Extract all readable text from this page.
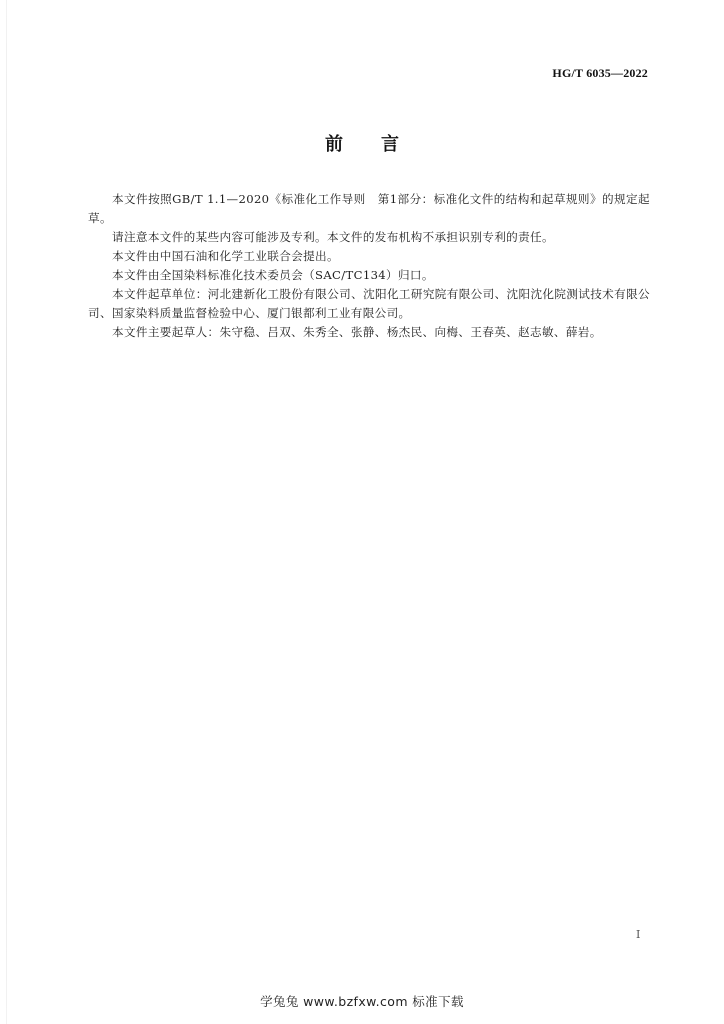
HG/T 6035—2022
前言

本文件按照GB/T 1.1—2020《标准化工作导则　第1部分：标准化文件的结构和起草规则》的规定起草。

请注意本文件的某些内容可能涉及专利。本文件的发布机构不承担识别专利的责任。

本文件由中国石油和化学工业联合会提出。

本文件由全国染料标准化技术委员会（SAC/TC134）归口。

本文件起草单位：河北建新化工股份有限公司、沈阳化工研究院有限公司、沈阳沈化院测试技术有限公司、国家染料质量监督检验中心、厦门银都利工业有限公司。

本文件主要起草人：朱守稳、吕双、朱秀全、张静、杨杰民、向梅、王春英、赵志敏、薛岩。

I
学兔兔 www.bzfxw.com 标准下载
